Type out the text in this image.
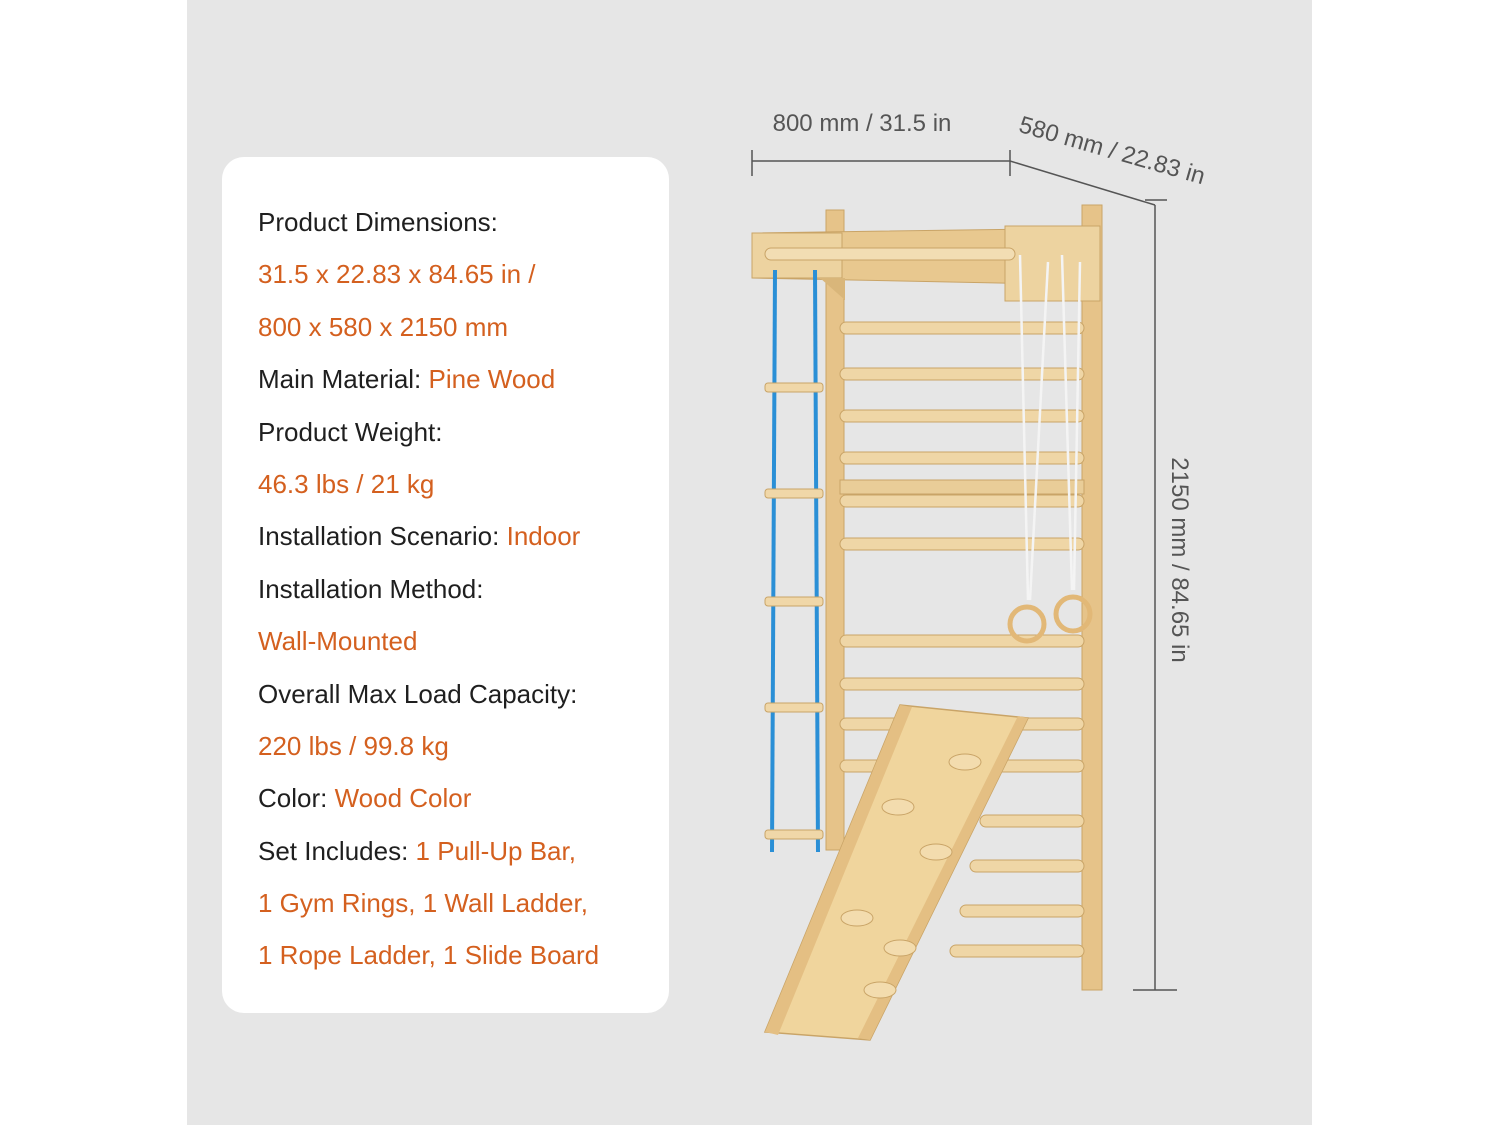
Product Dimensions:
31.5 x 22.83 x 84.65 in /
800 x 580 x 2150 mm
Main Material: Pine Wood
Product Weight:
46.3 lbs / 21 kg
Installation Scenario: Indoor
Installation Method:
Wall-Mounted
Overall Max Load Capacity:
220 lbs / 99.8 kg
Color: Wood Color
Set Includes: 1 Pull-Up Bar,
1 Gym Rings, 1 Wall Ladder,
1 Rope Ladder, 1 Slide Board
800 mm / 31.5 in	580 mm / 22.83 in
2150 mm / 84.65 in
